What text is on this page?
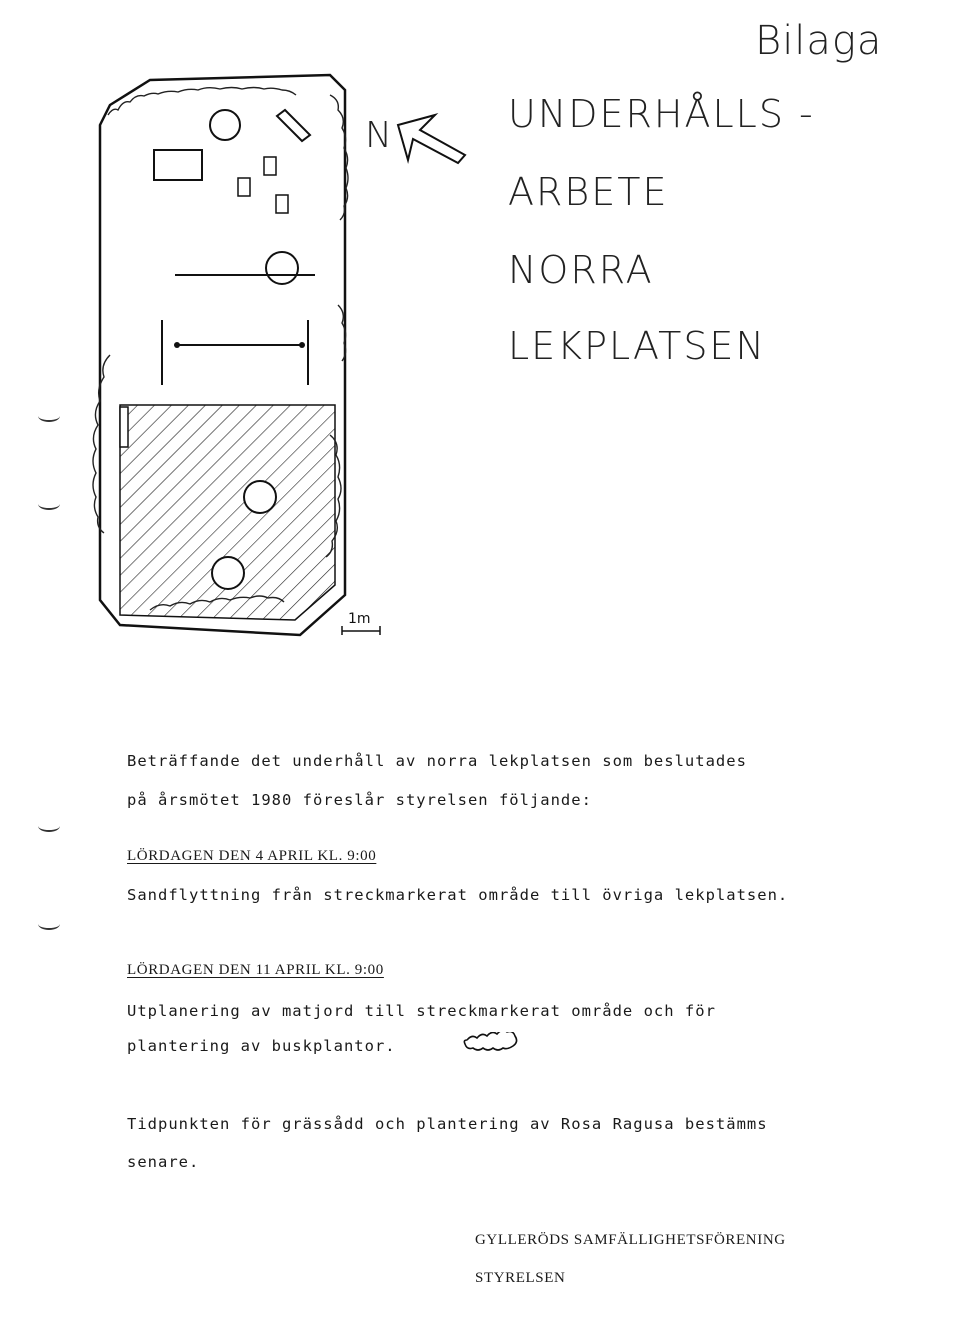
Bilaga
UNDERHÅLLS -
ARBETE
NORRA
LEKPLATSEN
N
1m
Beträffande det underhåll av norra lekplatsen som beslutades
på årsmötet 1980 föreslår styrelsen följande:
LÖRDAGEN DEN 4 APRIL KL. 9:00
Sandflyttning från streckmarkerat område till övriga lekplatsen.
LÖRDAGEN DEN 11 APRIL KL. 9:00
Utplanering av matjord till streckmarkerat område och för
plantering av buskplantor.
Tidpunkten för grässådd och plantering av Rosa Ragusa bestämms
senare.
GYLLERÖDS SAMFÄLLIGHETSFÖRENING
STYRELSEN
